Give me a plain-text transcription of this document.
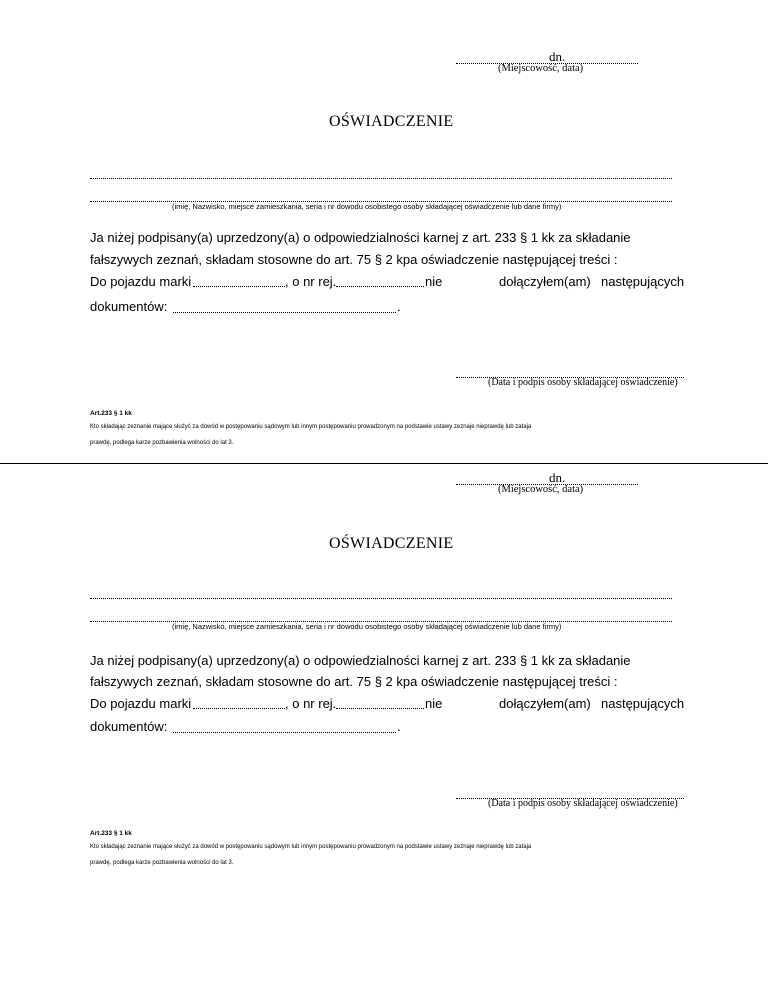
dn.
(Miejscowość, data)
OŚWIADCZENIE
(imię, Nazwisko, miejsce zamieszkania, seria i nr dowodu osobistego osoby składającej oświadczenie lub dane firmy)
Ja niżej podpisany(a) uprzedzony(a) o odpowiedzialności karnej z art. 233 § 1 kk za składanie
fałszywych zeznań, składam stosowne do art. 75 § 2 kpa oświadczenie następującej treści :
Do pojazdu marki	, o nr rej.	nie	dołączyłem(am) następujących
dokumentów:	.
(Data i podpis osoby składającej oświadczenie)
Art.233 § 1 kk
Kto składając zeznanie mające służyć za dowód w postępowaniu sądowym lub innym postępowaniu prowadzonym na podstawie ustawy zeznaje nieprawdę lub zataja
prawdę, podlega karze pozbawienia wolności do lat 3.
dn.
(Miejscowość, data)
OŚWIADCZENIE
(imię, Nazwisko, miejsce zamieszkania, seria i nr dowodu osobistego osoby składającej oświadczenie lub dane firmy)
Ja niżej podpisany(a) uprzedzony(a) o odpowiedzialności karnej z art. 233 § 1 kk za składanie
fałszywych zeznań, składam stosowne do art. 75 § 2 kpa oświadczenie następującej treści :
Do pojazdu marki	, o nr rej.	nie	dołączyłem(am) następujących
dokumentów:	.
(Data i podpis osoby składającej oświadczenie)
Art.233 § 1 kk
Kto składając zeznanie mające służyć za dowód w postępowaniu sądowym lub innym postępowaniu prowadzonym na podstawie ustawy zeznaje nieprawdę lub zataja
prawdę, podlega karze pozbawienia wolności do lat 3.
